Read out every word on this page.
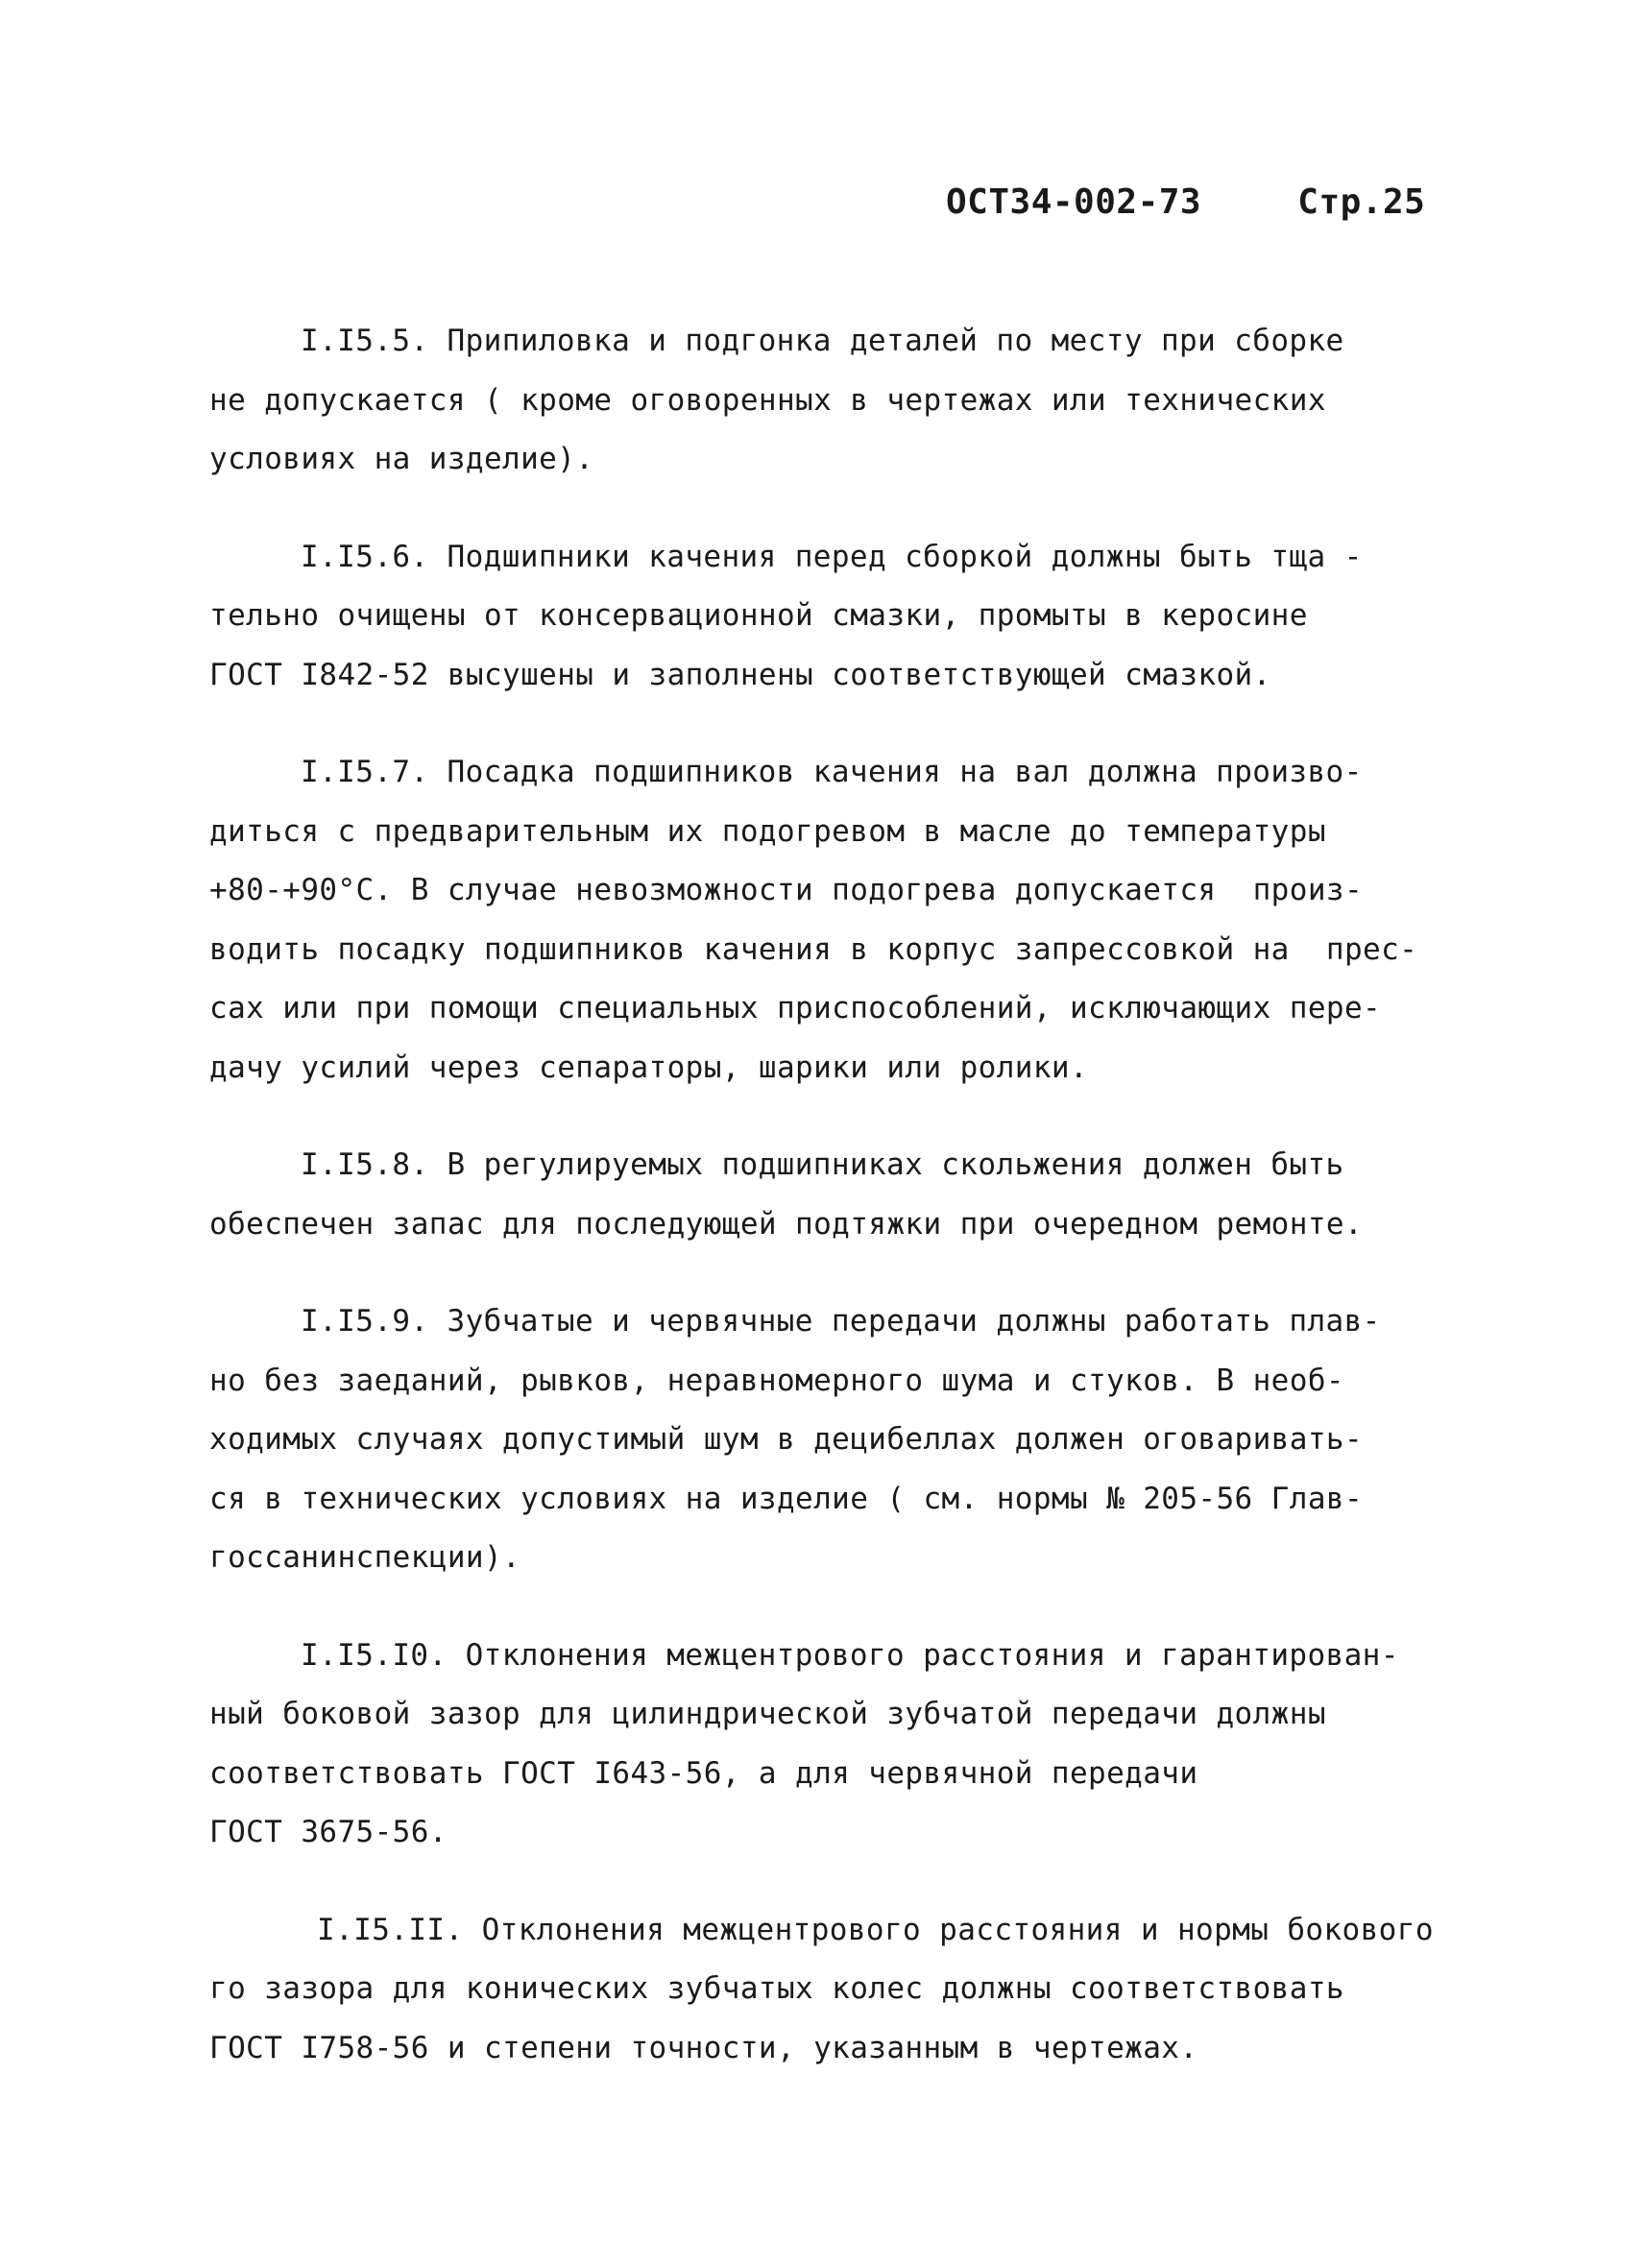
ОСТ34-002-73	Стр.25
I.I5.5. Припиловка и подгонка деталей по месту при сборке
не допускается ( кроме оговоренных в чертежах или технических
условиях на изделие).
I.I5.6. Подшипники качения перед сборкой должны быть тща -
тельно очищены от консервационной смазки, промыты в керосине
ГОСТ I842-52 высушены и заполнены соответствующей смазкой.
I.I5.7. Посадка подшипников качения на вал должна произво-
диться с предварительным их подогревом в масле до температуры
+80-+90°С. В случае невозможности подогрева допускается  произ-
водить посадку подшипников качения в корпус запрессовкой на  прес-
сах или при помощи специальных приспособлений, исключающих пере-
дачу усилий через сепараторы, шарики или ролики.
I.I5.8. В регулируемых подшипниках скольжения должен быть
обеспечен запас для последующей подтяжки при очередном ремонте.
I.I5.9. Зубчатые и червячные передачи должны работать плав-
но без заеданий, рывков, неравномерного шума и стуков. В необ-
ходимых случаях допустимый шум в децибеллах должен оговаривать-
ся в технических условиях на изделие ( см. нормы № 205-56 Глав-
госсанинспекции).
I.I5.I0. Отклонения межцентрового расстояния и гарантирован-
ный боковой зазор для цилиндрической зубчатой передачи должны
соответствовать ГОСТ I643-56, а для червячной передачи
ГОСТ 3675-56.
I.I5.II. Отклонения межцентрового расстояния и нормы бокового
го зазора для конических зубчатых колес должны соответствовать
ГОСТ I758-56 и степени точности, указанным в чертежах.
